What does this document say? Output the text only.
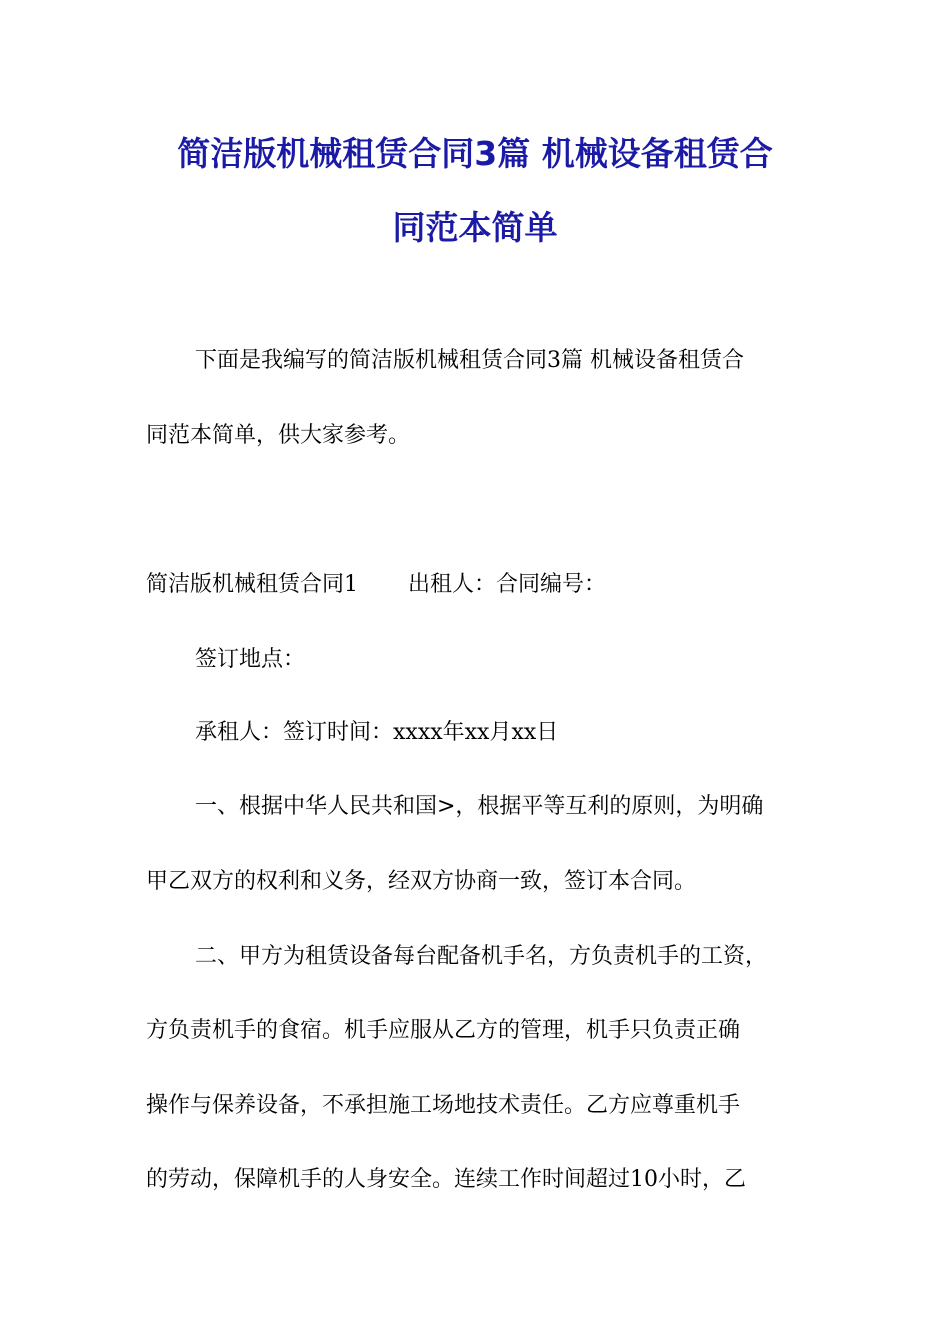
简洁版机械租赁合同3篇 机械设备租赁合
同范本简单

下面是我编写的简洁版机械租赁合同3篇 机械设备租赁合

同范本简单，供大家参考。

简洁版机械租赁合同1 出租人：合同编号：

签订地点：

承租人：签订时间：xxxx年xx月xx日

一、根据中华人民共和国>，根据平等互利的原则，为明确

甲乙双方的权利和义务，经双方协商一致，签订本合同。

二、甲方为租赁设备每台配备机手名，方负责机手的工资，

方负责机手的食宿。机手应服从乙方的管理，机手只负责正确

操作与保养设备，不承担施工场地技术责任。乙方应尊重机手

的劳动，保障机手的人身安全。连续工作时间超过10小时，乙
